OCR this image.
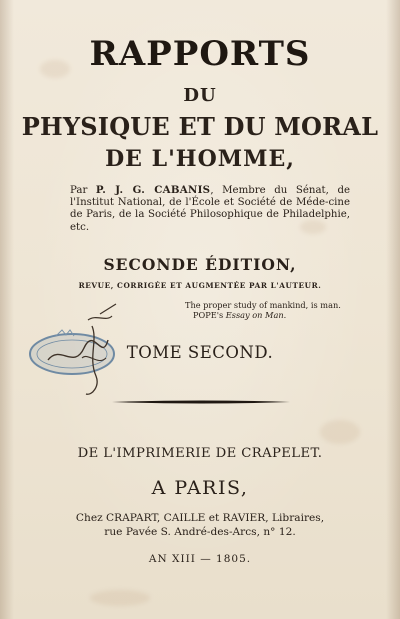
RAPPORTS
DU
PHYSIQUE ET DU MORAL
DE L'HOMME,
Par P. J. G. CABANIS, Membre du Sénat, de l'Institut National, de l'École et Société de Méde-cine de Paris, de la Société Philosophique de Philadelphie, etc.
SECONDE ÉDITION,
REVUE, CORRIGÉE ET AUGMENTÉE PAR L'AUTEUR.
The proper study of mankind, is man.
POPE's Essay on Man.
TOME SECOND.
DE L'IMPRIMERIE DE CRAPELET.
A PARIS,
Chez CRAPART, CAILLE et RAVIER, Libraires,
rue Pavée S. André-des-Arcs, n° 12.
AN XIII — 1805.
